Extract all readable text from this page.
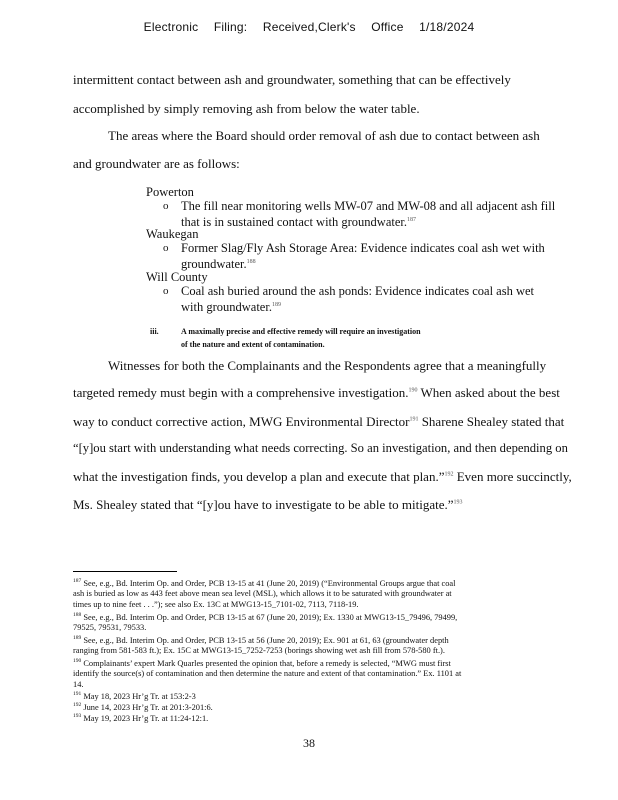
Electronic Filing: Received,Clerk's Office 1/18/2024
intermittent contact between ash and groundwater, something that can be effectively
accomplished by simply removing ash from below the water table.
The areas where the Board should order removal of ash due to contact between ash
and groundwater are as follows:
Powerton
o The fill near monitoring wells MW-07 and MW-08 and all adjacent ash fill
that is in sustained contact with groundwater.$^{187}$
Waukegan
o Former Slag/Fly Ash Storage Area: Evidence indicates coal ash wet with
groundwater.$^{188}$
Will County
o Coal ash buried around the ash ponds: Evidence indicates coal ash wet
with groundwater.$^{189}$
iii.	A maximally precise and effective remedy will require an investigation
of the nature and extent of contamination.
Witnesses for both the Complainants and the Respondents agree that a meaningfully
targeted remedy must begin with a comprehensive investigation.$^{190}$ When asked about the best
way to conduct corrective action, MWG Environmental Director$^{191}$ Sharene Shealey stated that
“[y]ou start with understanding what needs correcting. So an investigation, and then depending on
what the investigation finds, you develop a plan and execute that plan.”$^{192}$ Even more succinctly,
Ms. Shealey stated that “[y]ou have to investigate to be able to mitigate.”$^{193}$
$^{187}$ See, e.g., Bd. Interim Op. and Order, PCB 13-15 at 41 (June 20, 2019) (“Environmental Groups argue that coal
ash is buried as low as 443 feet above mean sea level (MSL), which allows it to be saturated with groundwater at
times up to nine feet . . .”); see also Ex. 13C at MWG13-15_7101-02, 7113, 7118-19.
$^{188}$ See, e.g., Bd. Interim Op. and Order, PCB 13-15 at 67 (June 20, 2019); Ex. 1330 at MWG13-15_79496, 79499,
79525, 79531, 79533.
$^{189}$ See, e.g., Bd. Interim Op. and Order, PCB 13-15 at 56 (June 20, 2019); Ex. 901 at 61, 63 (groundwater depth
ranging from 581-583 ft.); Ex. 15C at MWG13-15_7252-7253 (borings showing wet ash fill from 578-580 ft.).
$^{190}$ Complainants’ expert Mark Quarles presented the opinion that, before a remedy is selected, “MWG must first
identify the source(s) of contamination and then determine the nature and extent of that contamination.” Ex. 1101 at
14.
$^{191}$ May 18, 2023 Hr’g Tr. at 153:2-3
$^{192}$ June 14, 2023 Hr’g Tr. at 201:3-201:6.
$^{193}$ May 19, 2023 Hr’g Tr. at 11:24-12:1.
38
